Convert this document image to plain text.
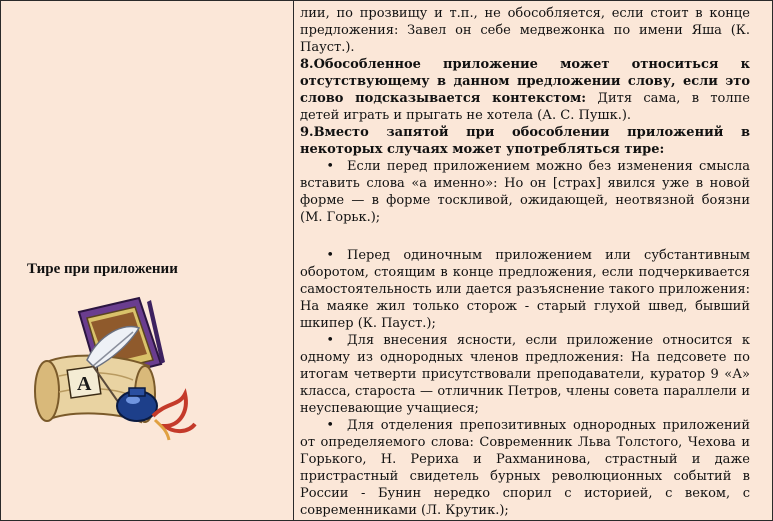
Тире при приложении
А

лии, по прозвищу и т.п., не обособляется, если стоит в конце предложения: Завел он себе медвежонка по имени Яша (К. Пауст.).

8.Обособленное приложение может относиться к отсутствующему в данном предложении слову, если это слово подсказывается контекстом: Дитя сама, в толпе детей играть и прыгать не хотела (А. С. Пушк.).

9.Вместо запятой при обособлении приложений в некоторых случаях может употребляться тире:

• Если перед приложением можно без изменения смысла вставить слова «а именно»: Но он [страх] явился уже в новой форме — в форме тоскливой, ожидающей, неотвязной боязни (М. Горьк.);

• Перед одиночным приложением или субстантивным оборотом, стоящим в конце предложения, если подчеркивается самостоятельность или дается разъяснение такого приложения: На маяке жил только сторож - старый глухой швед, бывший шкипер (К. Пауст.);

• Для внесения ясности, если приложение относится к одному из однородных членов предложения: На педсовете по итогам четверти присутствовали преподаватели, куратор 9 «А» класса, староста — отличник Петров, члены совета параллели и неуспевающие учащиеся;

• Для отделения препозитивных однородных приложений от определяемого слова: Современник Льва Толстого, Чехова и Горького, Н. Рериха и Рахманинова, страстный и даже пристрастный свидетель бурных революционных событий в России - Бунин нередко спорил с историей, с веком, с современниками (Л. Крутик.);
